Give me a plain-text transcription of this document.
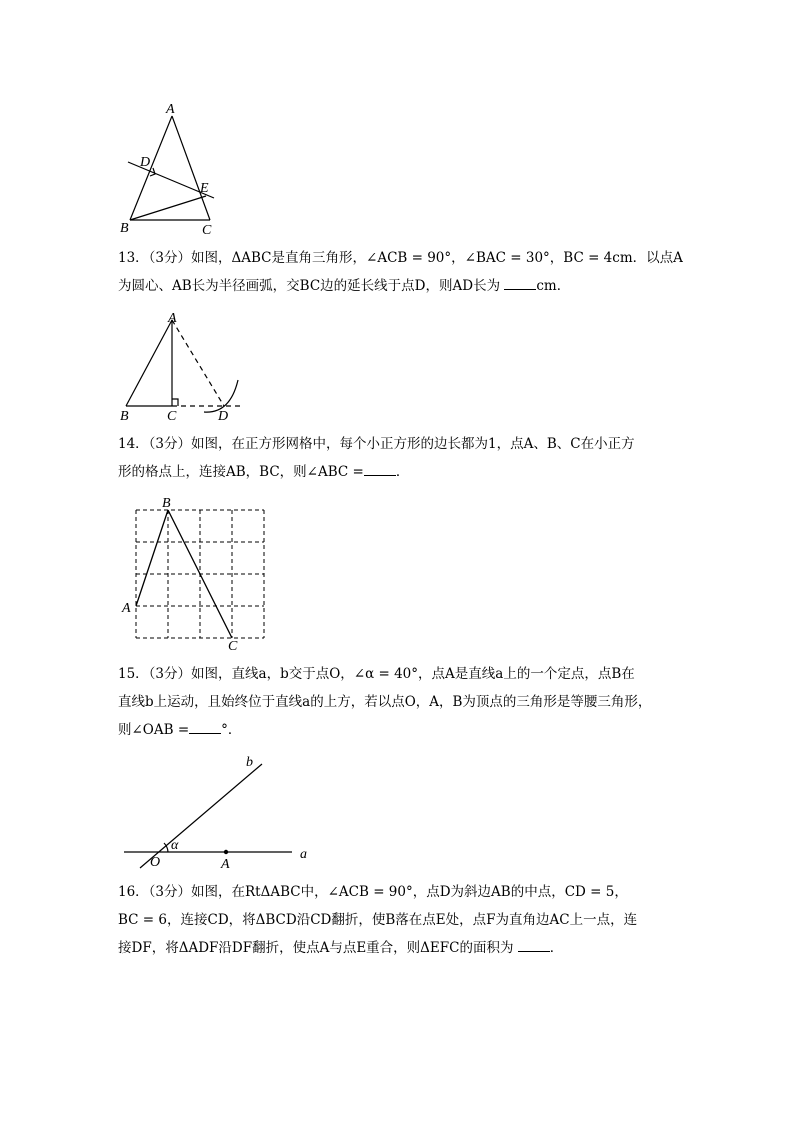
A
D
E
B	C

13．（3分）如图，ΔABC是直角三角形，∠ACB = 90°，∠BAC = 30°，BC = 4cm．以点A

为圆心、AB长为半径画弧，交BC边的延长线于点D，则AD长为	cm．

A
B	C	D

14．（3分）如图，在正方形网格中，每个小正方形的边长都为1，点A、B、C在小正方

形的格点上，连接AB，BC，则∠ABC = ．

B
A
C

15．（3分）如图，直线a，b交于点O，∠α = 40°，点A是直线a上的一个定点，点B在

直线b上运动，且始终位于直线a的上方，若以点O，A，B为顶点的三角形是等腰三角形，

则∠OAB = °．

b
α
O	A
a

16．（3分）如图，在RtΔABC中，∠ACB = 90°，点D为斜边AB的中点，CD = 5，

BC = 6，连接CD，将ΔBCD沿CD翻折，使B落在点E处，点F为直角边AC上一点，连

接DF，将ΔADF沿DF翻折，使点A与点E重合，则ΔEFC的面积为	．
